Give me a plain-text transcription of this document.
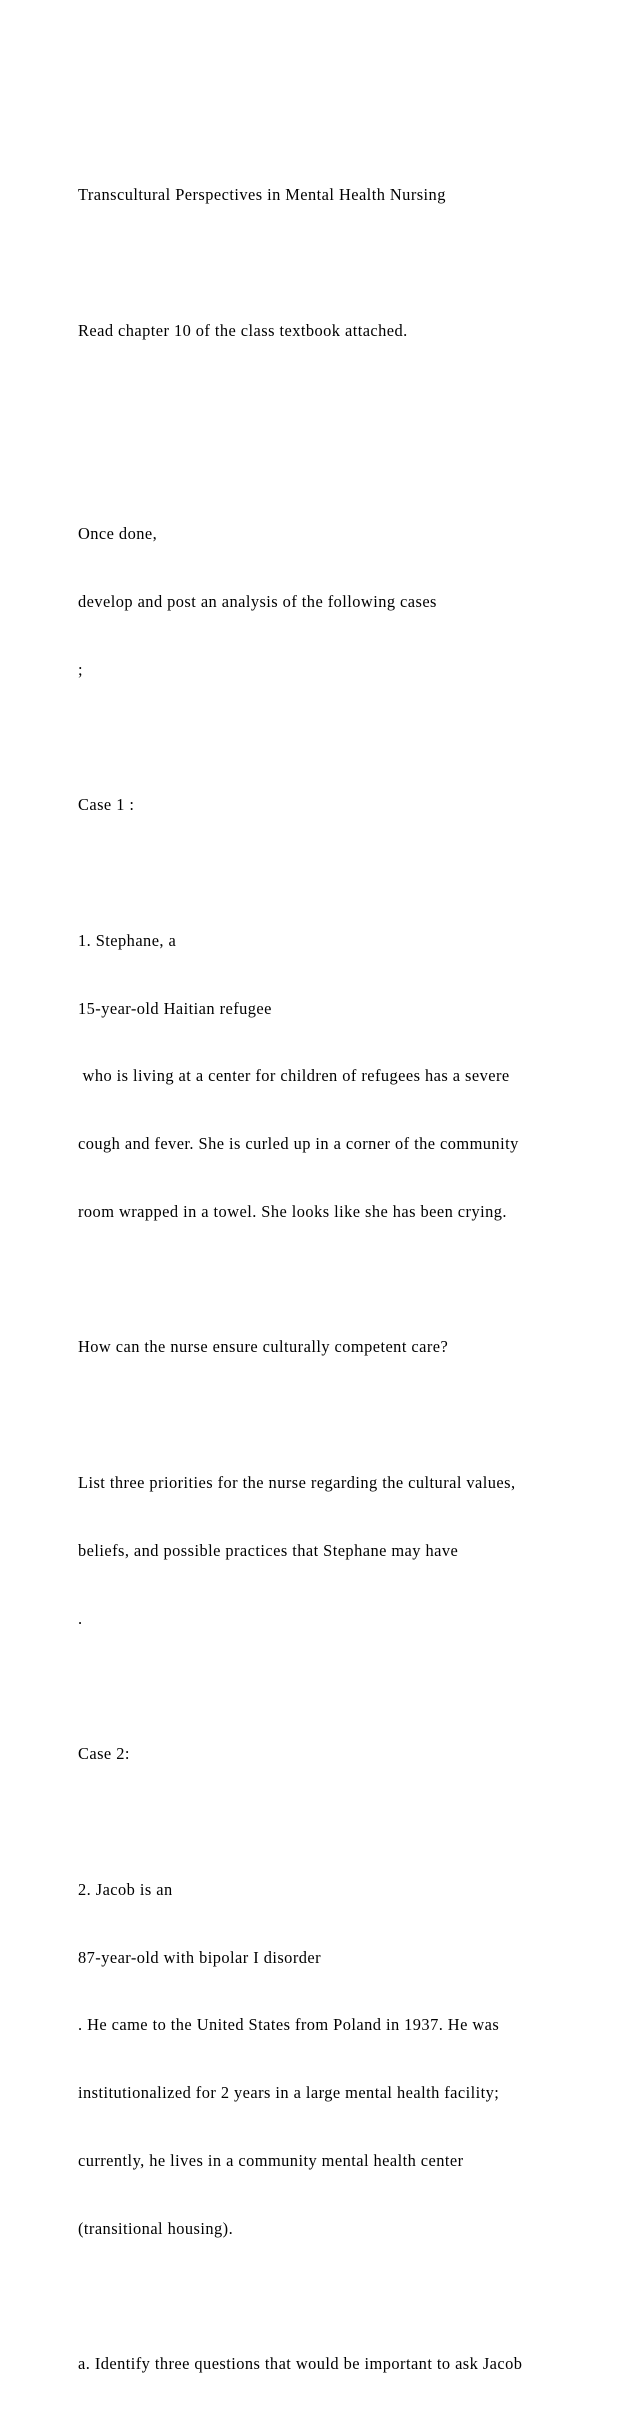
Transcultural Perspectives in Mental Health Nursing

Read chapter 10 of the class textbook attached.

Once done,

develop and post an analysis of the following cases

;

Case 1 :

1. Stephane, a

15-year-old Haitian refugee

who is living at a center for children of refugees has a severe

cough and fever. She is curled up in a corner of the community

room wrapped in a towel. She looks like she has been crying.

How can the nurse ensure culturally competent care?

List three priorities for the nurse regarding the cultural values,

beliefs, and possible practices that Stephane may have

.

Case 2:

2. Jacob is an

87-year-old with bipolar I disorder

. He came to the United States from Poland in 1937. He was

institutionalized for 2 years in a large mental health facility;

currently, he lives in a community mental health center

(transitional housing).

a. Identify three questions that would be important to ask Jacob
